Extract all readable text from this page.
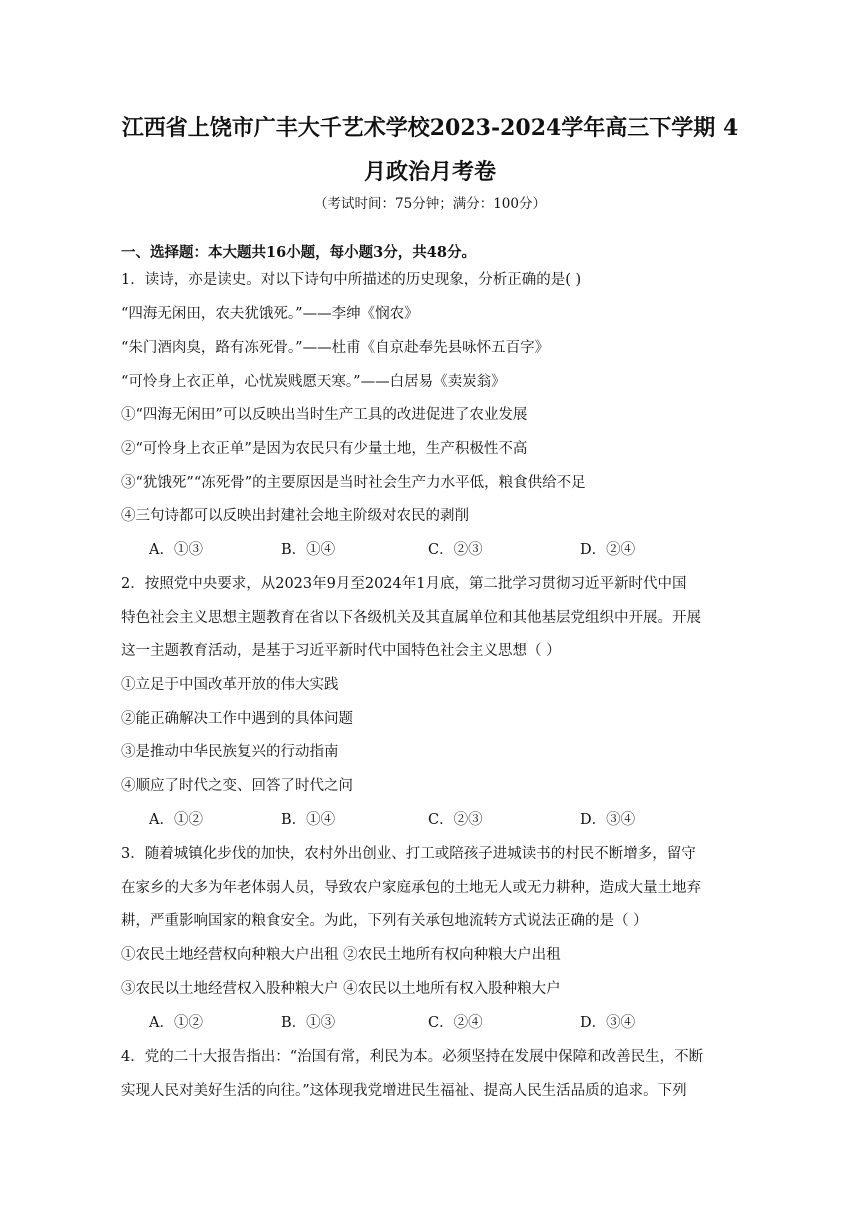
江西省上饶市广丰大千艺术学校2023-2024学年高三下学期 4
月政治月考卷
（考试时间：75分钟；满分：100分）
一、选择题：本大题共16小题，每小题3分，共48分。
1．读诗，亦是读史。对以下诗句中所描述的历史现象，分析正确的是( )
“四海无闲田，农夫犹饿死。”——李绅《悯农》
“朱门酒肉臭，路有冻死骨。”——杜甫《自京赴奉先县咏怀五百字》
“可怜身上衣正单，心忧炭贱愿天寒。”——白居易《卖炭翁》
①“四海无闲田”可以反映出当时生产工具的改进促进了农业发展
②“可怜身上衣正单”是因为农民只有少量土地，生产积极性不高
③“犹饿死”“冻死骨”的主要原因是当时社会生产力水平低，粮食供给不足
④三句诗都可以反映出封建社会地主阶级对农民的剥削
A．①③	B．①④	C．②③	D．②④
2．按照党中央要求，从2023年9月至2024年1月底，第二批学习贯彻习近平新时代中国
特色社会主义思想主题教育在省以下各级机关及其直属单位和其他基层党组织中开展。开展
这一主题教育活动，是基于习近平新时代中国特色社会主义思想（ ）
①立足于中国改革开放的伟大实践
②能正确解决工作中遇到的具体问题
③是推动中华民族复兴的行动指南
④顺应了时代之变、回答了时代之问
A．①②	B．①④	C．②③	D．③④
3．随着城镇化步伐的加快，农村外出创业、打工或陪孩子进城读书的村民不断增多，留守
在家乡的大多为年老体弱人员，导致农户家庭承包的土地无人或无力耕种，造成大量土地弃
耕，严重影响国家的粮食安全。为此，下列有关承包地流转方式说法正确的是（ ）
①农民土地经营权向种粮大户出租 ②农民土地所有权向种粮大户出租
③农民以土地经营权入股种粮大户 ④农民以土地所有权入股种粮大户
A．①②	B．①③	C．②④	D．③④
4．党的二十大报告指出：“治国有常，利民为本。必须坚持在发展中保障和改善民生，不断
实现人民对美好生活的向往。”这体现我党增进民生福祉、提高人民生活品质的追求。下列
